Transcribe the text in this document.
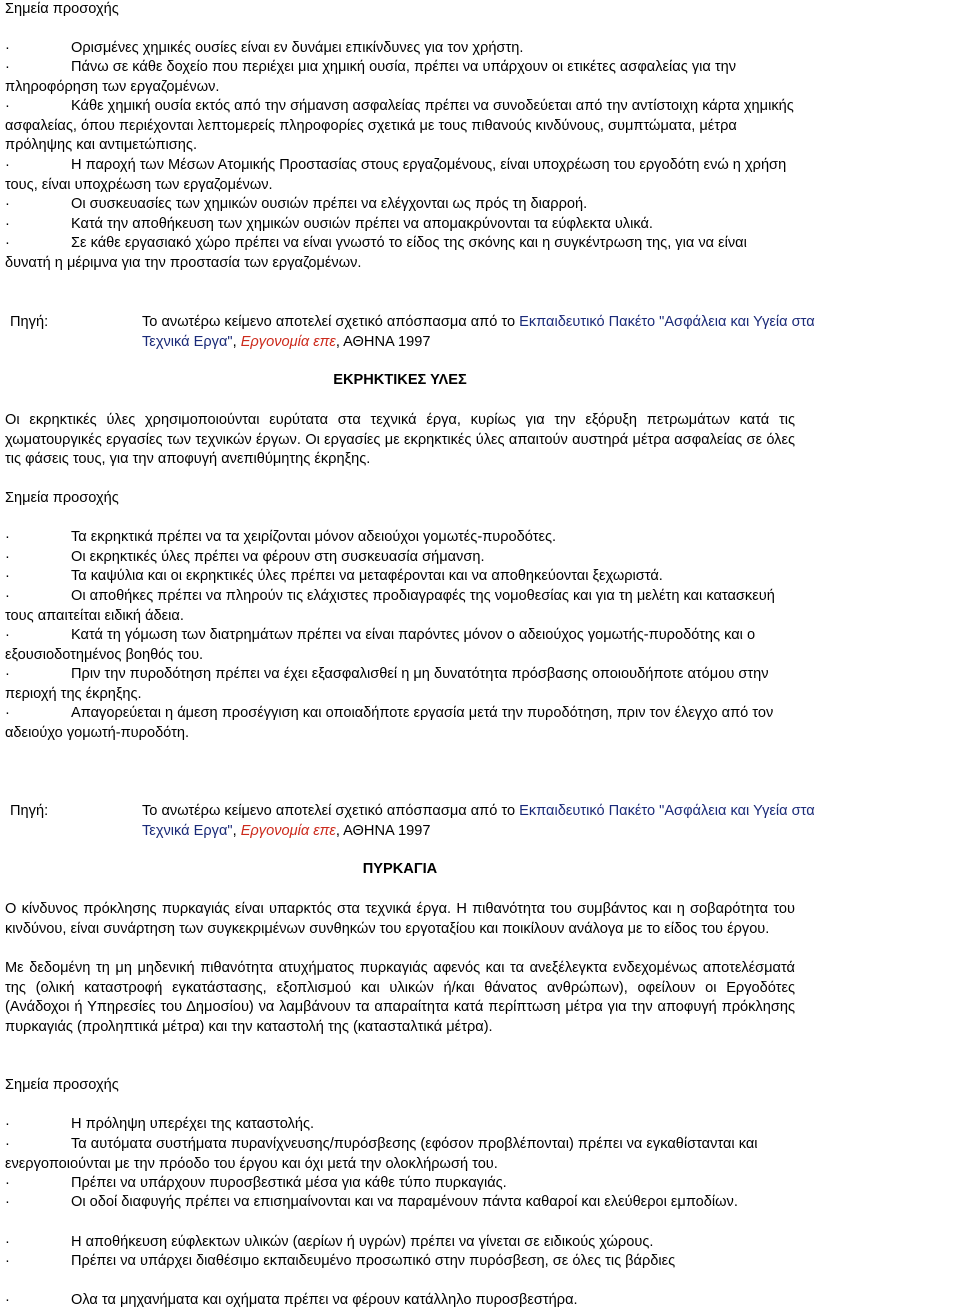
Σημεία προσοχής

·	Ορισμένες χημικές ουσίες είναι εν δυνάμει επικίνδυνες για τον χρήστη.

·	Πάνω σε κάθε δοχείο που περιέχει μια χημική ουσία, πρέπει να υπάρχουν οι ετικέτες ασφαλείας για την πληροφόρηση των εργαζομένων.

·	Κάθε χημική ουσία εκτός από την σήμανση ασφαλείας πρέπει να συνοδεύεται από την αντίστοιχη κάρτα χημικής ασφαλείας, όπου περιέχονται λεπτομερείς πληροφορίες σχετικά με τους πιθανούς κινδύνους, συμπτώματα, μέτρα πρόληψης και αντιμετώπισης.

·	Η παροχή των Μέσων Ατομικής Προστασίας στους εργαζομένους, είναι υποχρέωση του εργοδότη ενώ η χρήση τους, είναι υποχρέωση των εργαζομένων.

·	Οι συσκευασίες των χημικών ουσιών πρέπει να ελέγχονται ως πρός τη διαρροή.

·	Κατά την αποθήκευση των χημικών ουσιών πρέπει να απομακρύνονται τα εύφλεκτα υλικά.

·	Σε κάθε εργασιακό χώρο πρέπει να είναι γνωστό το είδος της σκόνης και η συγκέντρωση της, για να είναι δυνατή η μέριμνα για την προστασία των εργαζομένων.

Πηγή:	Το ανωτέρω κείμενο αποτελεί σχετικό απόσπασμα από το Εκπαιδευτικό Πακέτο "Ασφάλεια και Υγεία στα
Τεχνικά Εργα", Εργονομία επε, ΑΘΗΝΑ 1997

ΕΚΡΗΚΤΙΚΕΣ ΥΛΕΣ

Οι εκρηκτικές ύλες χρησιμοποιούνται ευρύτατα στα τεχνικά έργα, κυρίως για την εξόρυξη πετρωμάτων κατά τις χωματουργικές εργασίες των τεχνικών έργων. Οι εργασίες με εκρηκτικές ύλες απαιτούν αυστηρά μέτρα ασφαλείας σε όλες τις φάσεις τους, για την αποφυγή ανεπιθύμητης έκρηξης.

Σημεία προσοχής

·	Τα εκρηκτικά πρέπει να τα χειρίζονται μόνον αδειούχοι γομωτές-πυροδότες.

·	Οι εκρηκτικές ύλες πρέπει να φέρουν στη συσκευασία σήμανση.

·	Τα καψύλια και οι εκρηκτικές ύλες πρέπει να μεταφέρονται και να αποθηκεύονται ξεχωριστά.

·	Οι αποθήκες πρέπει να πληρούν τις ελάχιστες προδιαγραφές της νομοθεσίας και για τη μελέτη και κατασκευή τους απαιτείται ειδική άδεια.

·	Κατά τη γόμωση των διατρημάτων πρέπει να είναι παρόντες μόνον ο αδειούχος γομωτής-πυροδότης και ο εξουσιοδοτημένος βοηθός του.

·	Πριν την πυροδότηση πρέπει να έχει εξασφαλισθεί η μη δυνατότητα πρόσβασης οποιουδήποτε ατόμου στην περιοχή της έκρηξης.

·	Απαγορεύεται η άμεση προσέγγιση και οποιαδήποτε εργασία μετά την πυροδότηση, πριν τον έλεγχο από τον αδειούχο γομωτή-πυροδότη.

Πηγή:	Το ανωτέρω κείμενο αποτελεί σχετικό απόσπασμα από το Εκπαιδευτικό Πακέτο "Ασφάλεια και Υγεία στα
Τεχνικά Εργα", Εργονομία επε, ΑΘΗΝΑ 1997

ΠΥΡΚΑΓΙΑ

Ο κίνδυνος πρόκλησης πυρκαγιάς είναι υπαρκτός στα τεχνικά έργα. Η πιθανότητα του συμβάντος και η σοβαρότητα του κινδύνου, είναι συνάρτηση των συγκεκριμένων συνθηκών του εργοταξίου και ποικίλουν ανάλογα με το είδος του έργου.

Με δεδομένη τη μη μηδενική πιθανότητα ατυχήματος πυρκαγιάς αφενός και τα ανεξέλεγκτα ενδεχομένως αποτελέσματά της (ολική καταστροφή εγκατάστασης, εξοπλισμού και υλικών ή/και θάνατος ανθρώπων), οφείλουν οι Εργοδότες (Ανάδοχοι ή Υπηρεσίες του Δημοσίου) να λαμβάνουν τα απαραίτητα κατά περίπτωση μέτρα για την αποφυγή πρόκλησης πυρκαγιάς (προληπτικά μέτρα) και την καταστολή της (κατασταλτικά μέτρα).

Σημεία προσοχής

·	Η πρόληψη υπερέχει της καταστολής.

·	Τα αυτόματα συστήματα πυρανίχνευσης/πυρόσβεσης (εφόσον προβλέπονται) πρέπει να εγκαθίστανται και ενεργοποιούνται με την πρόοδο του έργου και όχι μετά την ολοκλήρωσή του.

·	Πρέπει να υπάρχουν πυροσβεστικά μέσα για κάθε τύπο πυρκαγιάς.

·	Οι οδοί διαφυγής πρέπει να επισημαίνονται και να παραμένουν πάντα καθαροί και ελεύθεροι εμποδίων.

·	Η αποθήκευση εύφλεκτων υλικών (αερίων ή υγρών) πρέπει να γίνεται σε ειδικούς χώρους.

·	Πρέπει να υπάρχει διαθέσιμο εκπαιδευμένο προσωπικό στην πυρόσβεση, σε όλες τις βάρδιες

·	Ολα τα μηχανήματα και οχήματα πρέπει να φέρουν κατάλληλο πυροσβεστήρα.
